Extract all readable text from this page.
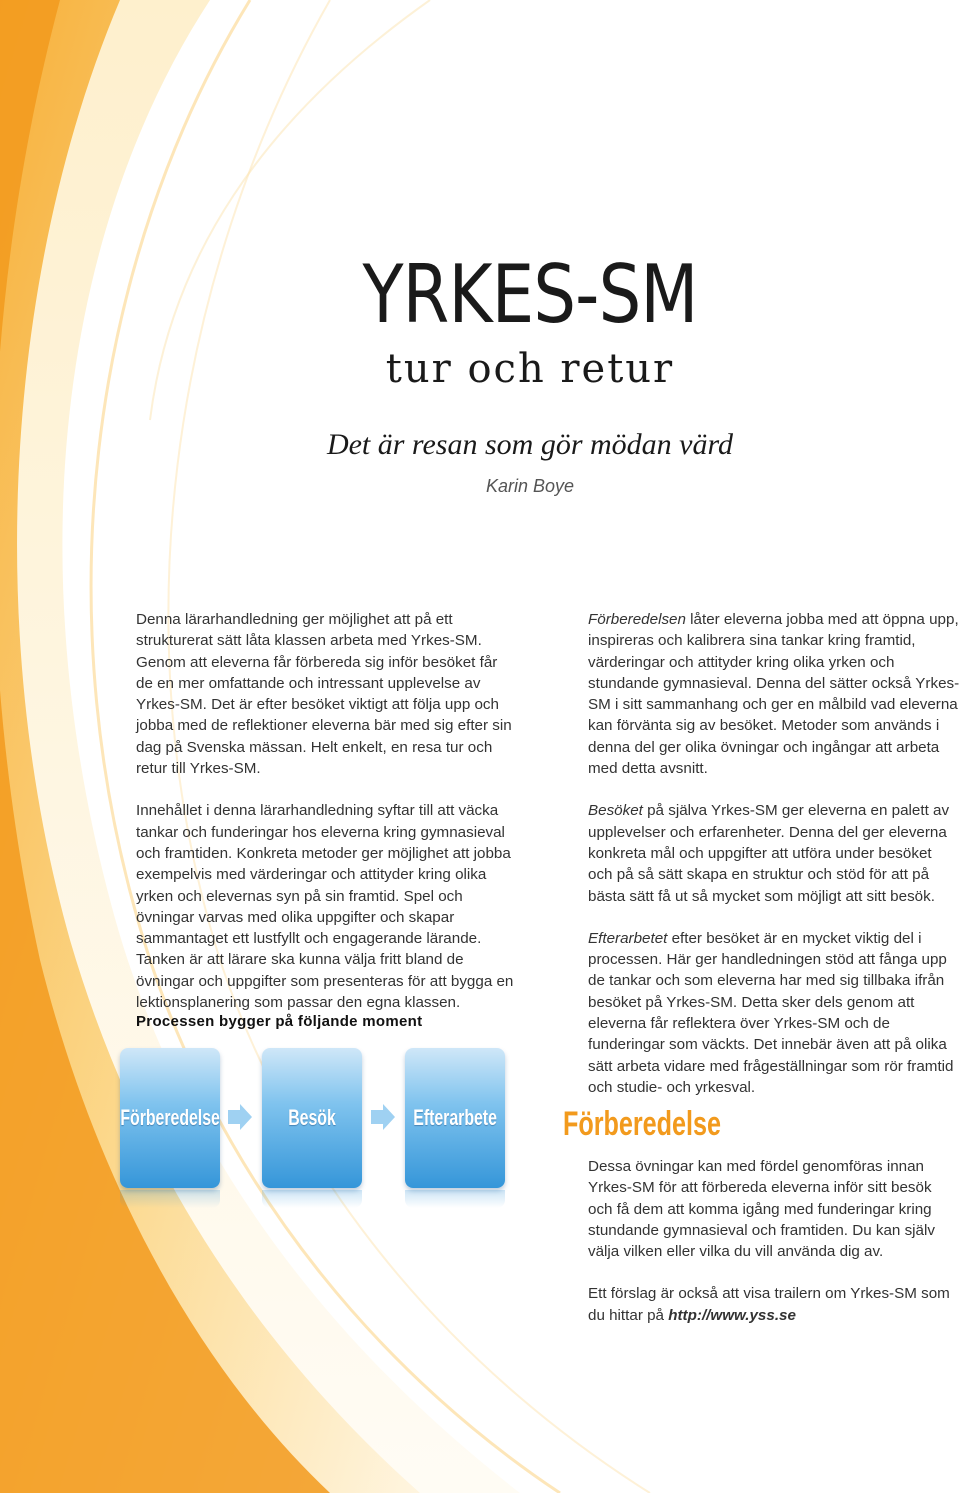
YRKES-SM
tur och retur
Det är resan som gör mödan värd
Karin Boye

Denna lärarhandledning ger möjlighet att på ett strukturerat sätt låta klassen arbeta med Yrkes-SM. Genom att eleverna får förbereda sig inför besöket får de en mer omfattande och intressant upplevelse av Yrkes-SM. Det är efter besöket viktigt att följa upp och jobba med de reflektioner eleverna bär med sig efter sin dag på Svenska mässan. Helt enkelt, en resa tur och retur till Yrkes-SM.

Innehållet i denna lärarhandledning syftar till att väcka tankar och funderingar hos eleverna kring gymnasieval och framtiden. Konkreta metoder ger möjlighet att jobba exempelvis med värderingar och attityder kring olika yrken och elevernas syn på sin framtid. Spel och övningar varvas med olika uppgifter och skapar sammantaget ett lustfyllt och engagerande lärande. Tanken är att lärare ska kunna välja fritt bland de övningar och uppgifter som presenteras för att bygga en lektionsplanering som passar den egna klassen.

Processen bygger på följande moment
Förberedelse	Besök	Efterarbete

Förberedelsen låter eleverna jobba med att öppna upp, inspireras och kalibrera sina tankar kring framtid, värderingar och attityder kring olika yrken och stundande gymnasieval. Denna del sätter också Yrkes-SM i sitt sammanhang och ger en målbild vad eleverna kan förvänta sig av besöket. Metoder som används i denna del ger olika övningar och ingångar att arbeta med detta avsnitt.

Besöket på själva Yrkes-SM ger eleverna en palett av upplevelser och erfarenheter. Denna del ger eleverna konkreta mål och uppgifter att utföra under besöket och på så sätt skapa en struktur och stöd för att på bästa sätt få ut så mycket som möjligt att sitt besök.

Efterarbetet efter besöket är en mycket viktig del i processen. Här ger handledningen stöd att fånga upp de tankar och som eleverna har med sig tillbaka ifrån besöket på Yrkes-SM. Detta sker dels genom att eleverna får reflektera över Yrkes-SM och de funderingar som väckts. Det innebär även att på olika sätt arbeta vidare med frågeställningar som rör framtid och studie- och yrkesval.

Förberedelse

Dessa övningar kan med fördel genomföras innan Yrkes-SM för att förbereda eleverna inför sitt besök och få dem att komma igång med funderingar kring stundande gymnasieval och framtiden. Du kan själv välja vilken eller vilka du vill använda dig av.

Ett förslag är också att visa trailern om Yrkes-SM som du hittar på http://www.yss.se
